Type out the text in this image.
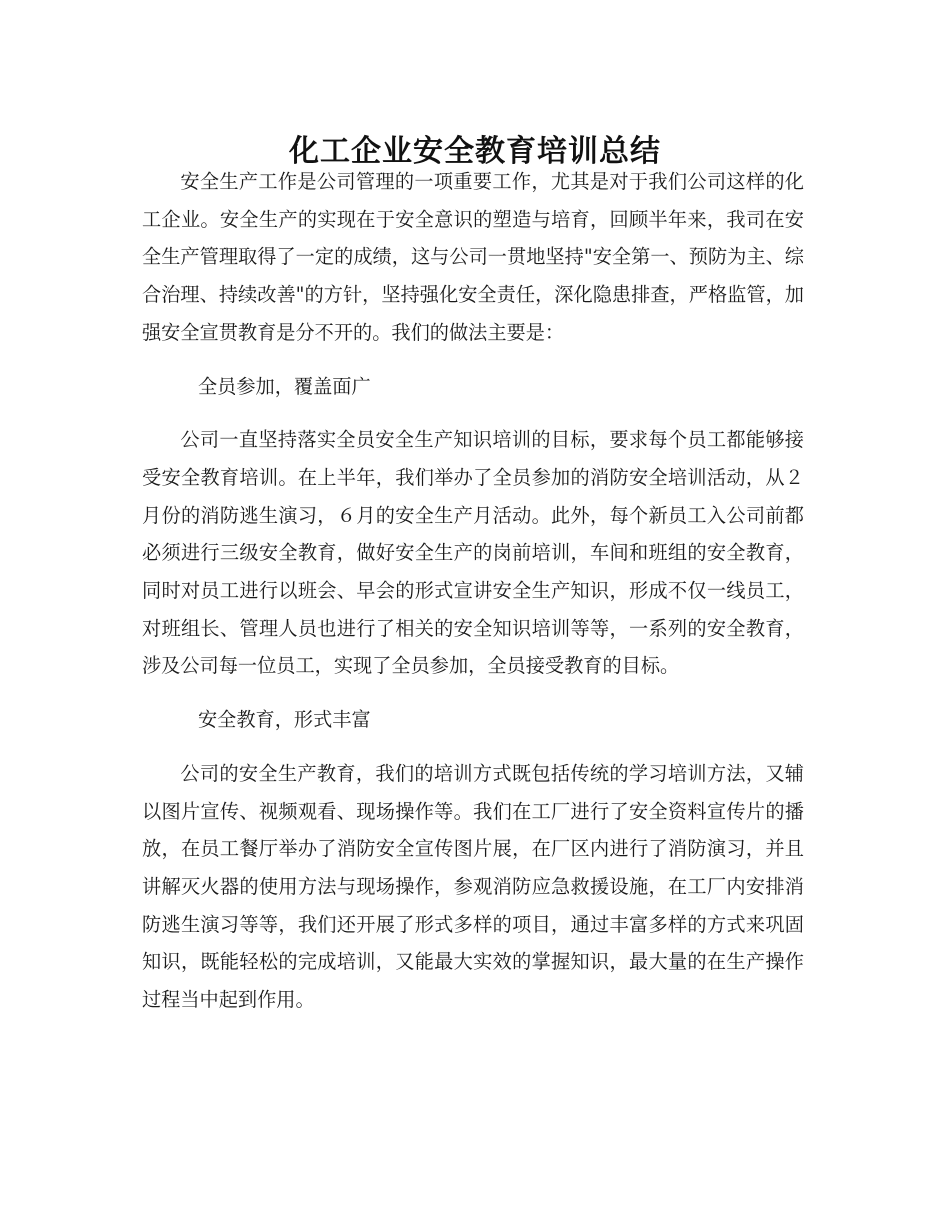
化工企业安全教育培训总结

安全生产工作是公司管理的一项重要工作，尤其是对于我们公司这样的化工企业。安全生产的实现在于安全意识的塑造与培育，回顾半年来，我司在安全生产管理取得了一定的成绩，这与公司一贯地坚持"安全第一、预防为主、综合治理、持续改善"的方针，坚持强化安全责任，深化隐患排查，严格监管，加强安全宣贯教育是分不开的。我们的做法主要是：

全员参加，覆盖面广

公司一直坚持落实全员安全生产知识培训的目标，要求每个员工都能够接受安全教育培训。在上半年，我们举办了全员参加的消防安全培训活动，从２月份的消防逃生演习，６月的安全生产月活动。此外，每个新员工入公司前都必须进行三级安全教育，做好安全生产的岗前培训，车间和班组的安全教育，同时对员工进行以班会、早会的形式宣讲安全生产知识，形成不仅一线员工，对班组长、管理人员也进行了相关的安全知识培训等等，一系列的安全教育，涉及公司每一位员工，实现了全员参加，全员接受教育的目标。

安全教育，形式丰富

公司的安全生产教育，我们的培训方式既包括传统的学习培训方法，又辅以图片宣传、视频观看、现场操作等。我们在工厂进行了安全资料宣传片的播放，在员工餐厅举办了消防安全宣传图片展，在厂区内进行了消防演习，并且讲解灭火器的使用方法与现场操作，参观消防应急救援设施，在工厂内安排消防逃生演习等等，我们还开展了形式多样的项目，通过丰富多样的方式来巩固知识，既能轻松的完成培训，又能最大实效的掌握知识，最大量的在生产操作过程当中起到作用。
